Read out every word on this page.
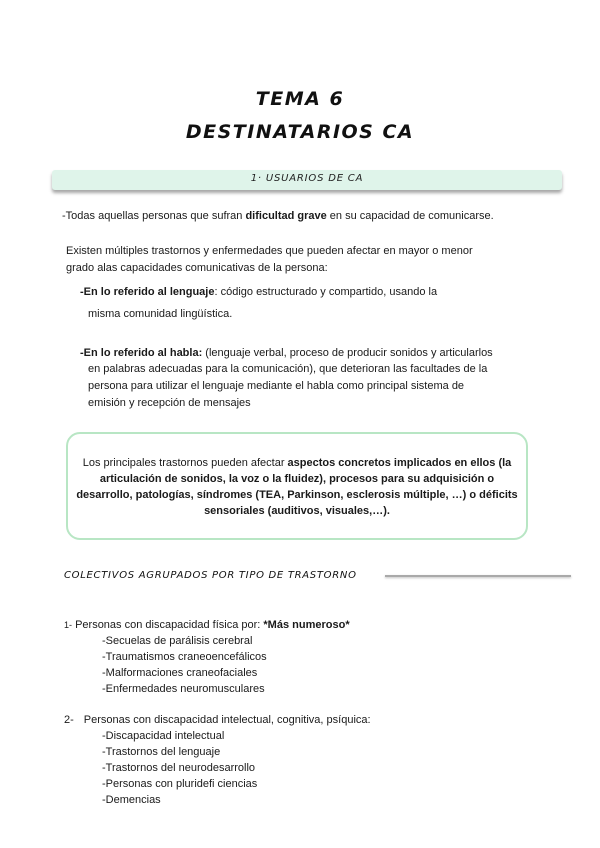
TEMA 6
DESTINATARIOS CA
1· USUARIOS DE CA
-Todas aquellas personas que sufran dificultad grave en su capacidad de comunicarse.
Existen múltiples trastornos y enfermedades que pueden afectar en mayor o menor
grado alas capacidades comunicativas de la persona:
-En lo referido al lenguaje: código estructurado y compartido, usando la
misma comunidad lingüística.
-En lo referido al habla: (lenguaje verbal, proceso de producir sonidos y articularlos
en palabras adecuadas para la comunicación), que deterioran las facultades de la
persona para utilizar el lenguaje mediante el habla como principal sistema de
emisión y recepción de mensajes
Los principales trastornos pueden afectar aspectos concretos implicados en ellos (la articulación de sonidos, la voz o la fluidez), procesos para su adquisición o desarrollo, patologías, síndromes (TEA, Parkinson, esclerosis múltiple, …) o déficits sensoriales (auditivos, visuales,…).
COLECTIVOS AGRUPADOS POR TIPO DE TRASTORNO
1- Personas con discapacidad física por: *Más numeroso*
-Secuelas de parálisis cerebral
-Traumatismos craneoencefálicos
-Malformaciones craneofaciales
-Enfermedades neuromusculares
2- Personas con discapacidad intelectual, cognitiva, psíquica:
-Discapacidad intelectual
-Trastornos del lenguaje
-Trastornos del neurodesarrollo
-Personas con pluridefi ciencias
-Demencias
